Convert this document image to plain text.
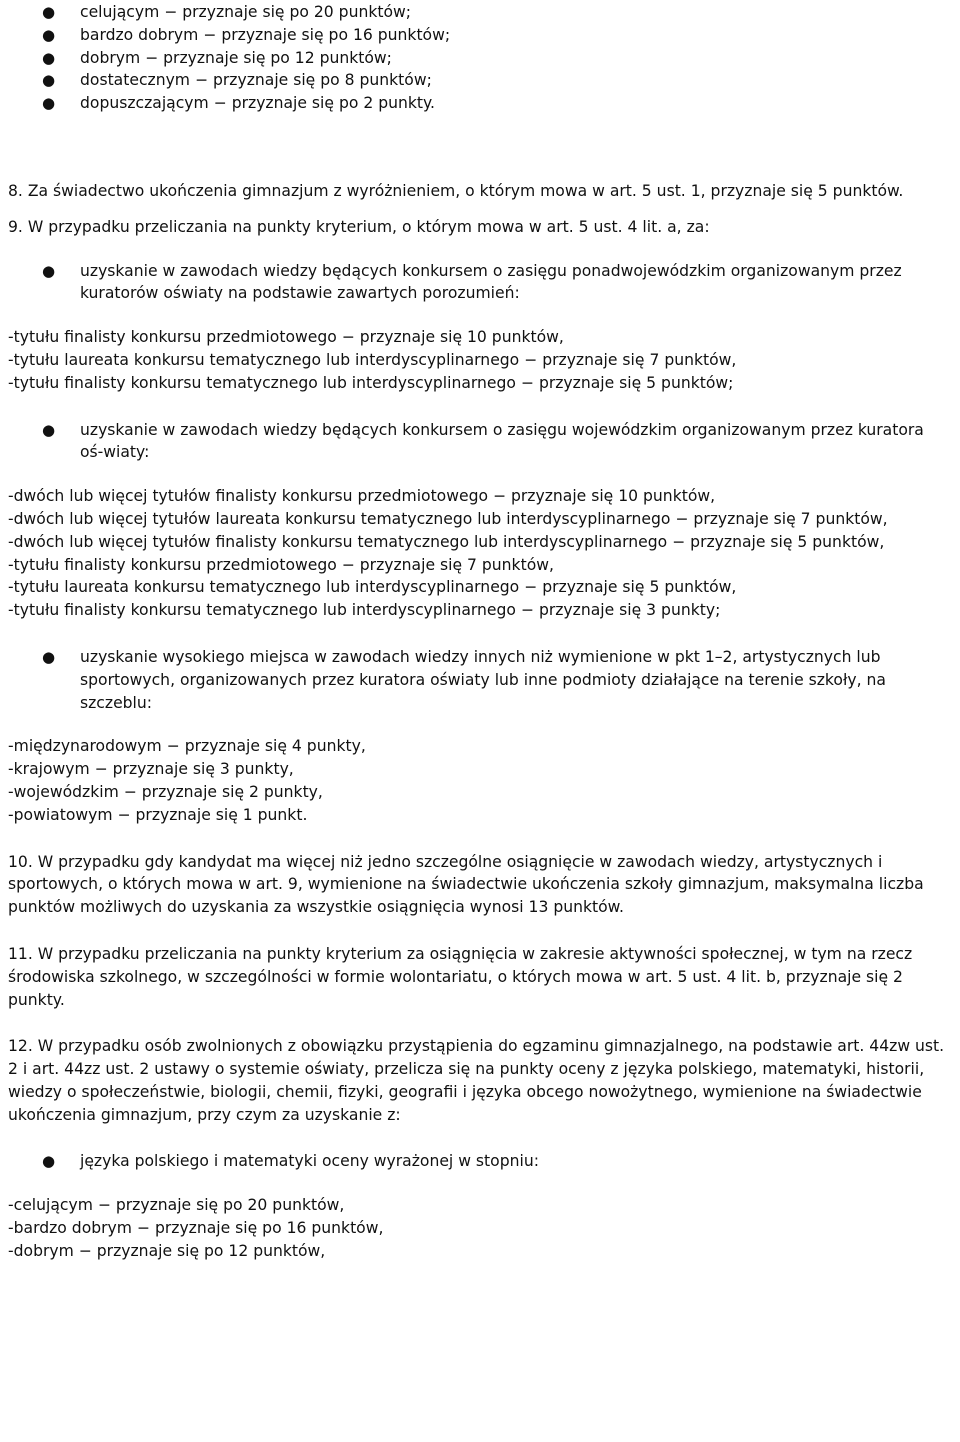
● celującym − przyznaje się po 20 punktów;

● bardzo dobrym − przyznaje się po 16 punktów;

● dobrym − przyznaje się po 12 punktów;

● dostatecznym − przyznaje się po 8 punktów;

● dopuszczającym − przyznaje się po 2 punkty.

8. Za świadectwo ukończenia gimnazjum z wyróżnieniem, o którym mowa w art. 5 ust. 1, przyznaje się 5 punktów.

9. W przypadku przeliczania na punkty kryterium, o którym mowa w art. 5 ust. 4 lit. a, za:

● uzyskanie w zawodach wiedzy będących konkursem o zasięgu ponadwojewódzkim organizowanym przez kuratorów oświaty na podstawie zawartych porozumień:

-tytułu finalisty konkursu przedmiotowego − przyznaje się 10 punktów,

-tytułu laureata konkursu tematycznego lub interdyscyplinarnego − przyznaje się 7 punktów,

-tytułu finalisty konkursu tematycznego lub interdyscyplinarnego − przyznaje się 5 punktów;

● uzyskanie w zawodach wiedzy będących konkursem o zasięgu wojewódzkim organizowanym przez kuratora oś-wiaty:

-dwóch lub więcej tytułów finalisty konkursu przedmiotowego − przyznaje się 10 punktów,

-dwóch lub więcej tytułów laureata konkursu tematycznego lub interdyscyplinarnego − przyznaje się 7 punktów,

-dwóch lub więcej tytułów finalisty konkursu tematycznego lub interdyscyplinarnego − przyznaje się 5 punktów,

-tytułu finalisty konkursu przedmiotowego − przyznaje się 7 punktów,

-tytułu laureata konkursu tematycznego lub interdyscyplinarnego − przyznaje się 5 punktów,

-tytułu finalisty konkursu tematycznego lub interdyscyplinarnego − przyznaje się 3 punkty;

● uzyskanie wysokiego miejsca w zawodach wiedzy innych niż wymienione w pkt 1–2, artystycznych lub sportowych, organizowanych przez kuratora oświaty lub inne podmioty działające na terenie szkoły, na szczeblu:

-międzynarodowym − przyznaje się 4 punkty,

-krajowym − przyznaje się 3 punkty,

-wojewódzkim − przyznaje się 2 punkty,

-powiatowym − przyznaje się 1 punkt.

10. W przypadku gdy kandydat ma więcej niż jedno szczególne osiągnięcie w zawodach wiedzy, artystycznych i sportowych, o których mowa w art. 9, wymienione na świadectwie ukończenia szkoły gimnazjum, maksymalna liczba punktów możliwych do uzyskania za wszystkie osiągnięcia wynosi 13 punktów.

11. W przypadku przeliczania na punkty kryterium za osiągnięcia w zakresie aktywności społecznej, w tym na rzecz środowiska szkolnego, w szczególności w formie wolontariatu, o których mowa w art. 5 ust. 4 lit. b, przyznaje się 2 punkty.

12. W przypadku osób zwolnionych z obowiązku przystąpienia do egzaminu gimnazjalnego, na podstawie art. 44zw ust. 2 i art. 44zz ust. 2 ustawy o systemie oświaty, przelicza się na punkty oceny z języka polskiego, matematyki, historii, wiedzy o społeczeństwie, biologii, chemii, fizyki, geografii i języka obcego nowożytnego, wymienione na świadectwie ukończenia gimnazjum, przy czym za uzyskanie z:

● języka polskiego i matematyki oceny wyrażonej w stopniu:

-celującym − przyznaje się po 20 punktów,

-bardzo dobrym − przyznaje się po 16 punktów,

-dobrym − przyznaje się po 12 punktów,
